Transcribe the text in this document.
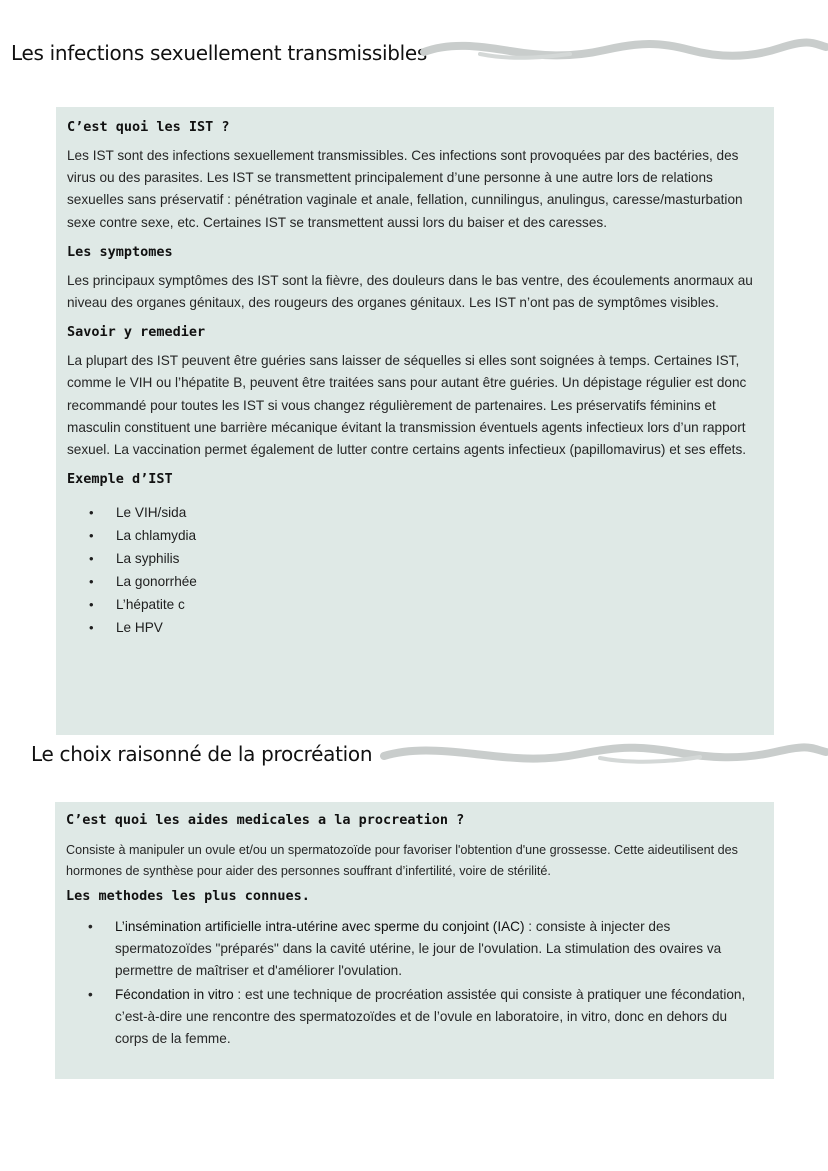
Les infections sexuellement transmissibles
C’est quoi les IST ?

Les IST sont des infections sexuellement transmissibles. Ces infections sont provoquées par des bactéries, des virus ou des parasites. Les IST se transmettent principalement d’une personne à une autre lors de relations sexuelles sans préservatif : pénétration vaginale et anale, fellation, cunnilingus, anulingus, caresse/masturbation sexe contre sexe, etc. Certaines IST se transmettent aussi lors du baiser et des caresses.

Les symptomes

Les principaux symptômes des IST sont la fièvre, des douleurs dans le bas ventre, des écoulements anormaux au niveau des organes génitaux, des rougeurs des organes génitaux. Les IST n’ont pas de symptômes visibles.

Savoir y remedier

La plupart des IST peuvent être guéries sans laisser de séquelles si elles sont soignées à temps. Certaines IST, comme le VIH ou l’hépatite B, peuvent être traitées sans pour autant être guéries. Un dépistage régulier est donc recommandé pour toutes les IST si vous changez régulièrement de partenaires. Les préservatifs féminins et masculin constituent une barrière mécanique évitant la transmission éventuels agents infectieux lors d’un rapport sexuel. La vaccination permet également de lutter contre certains agents infectieux (papillomavirus) et ses effets.

Exemple d’IST
• Le VIH/sida
• La chlamydia
• La syphilis
• La gonorrhée
• L’hépatite c
• Le HPV
Le choix raisonné de la procréation
C’est quoi les aides medicales a la procreation ?

Consiste à manipuler un ovule et/ou un spermatozoïde pour favoriser l'obtention d'une grossesse. Cette aideutilisent des hormones de synthèse pour aider des personnes souffrant d’infertilité, voire de stérilité.

Les methodes les plus connues.
• L’insémination artificielle intra-utérine avec sperme du conjoint (IAC) : consiste à injecter des spermatozoïdes "préparés" dans la cavité utérine, le jour de l'ovulation. La stimulation des ovaires va permettre de maîtriser et d'améliorer l'ovulation.
• Fécondation in vitro : est une technique de procréation assistée qui consiste à pratiquer une fécondation, c’est-à-dire une rencontre des spermatozoïdes et de l’ovule en laboratoire, in vitro, donc en dehors du corps de la femme.
